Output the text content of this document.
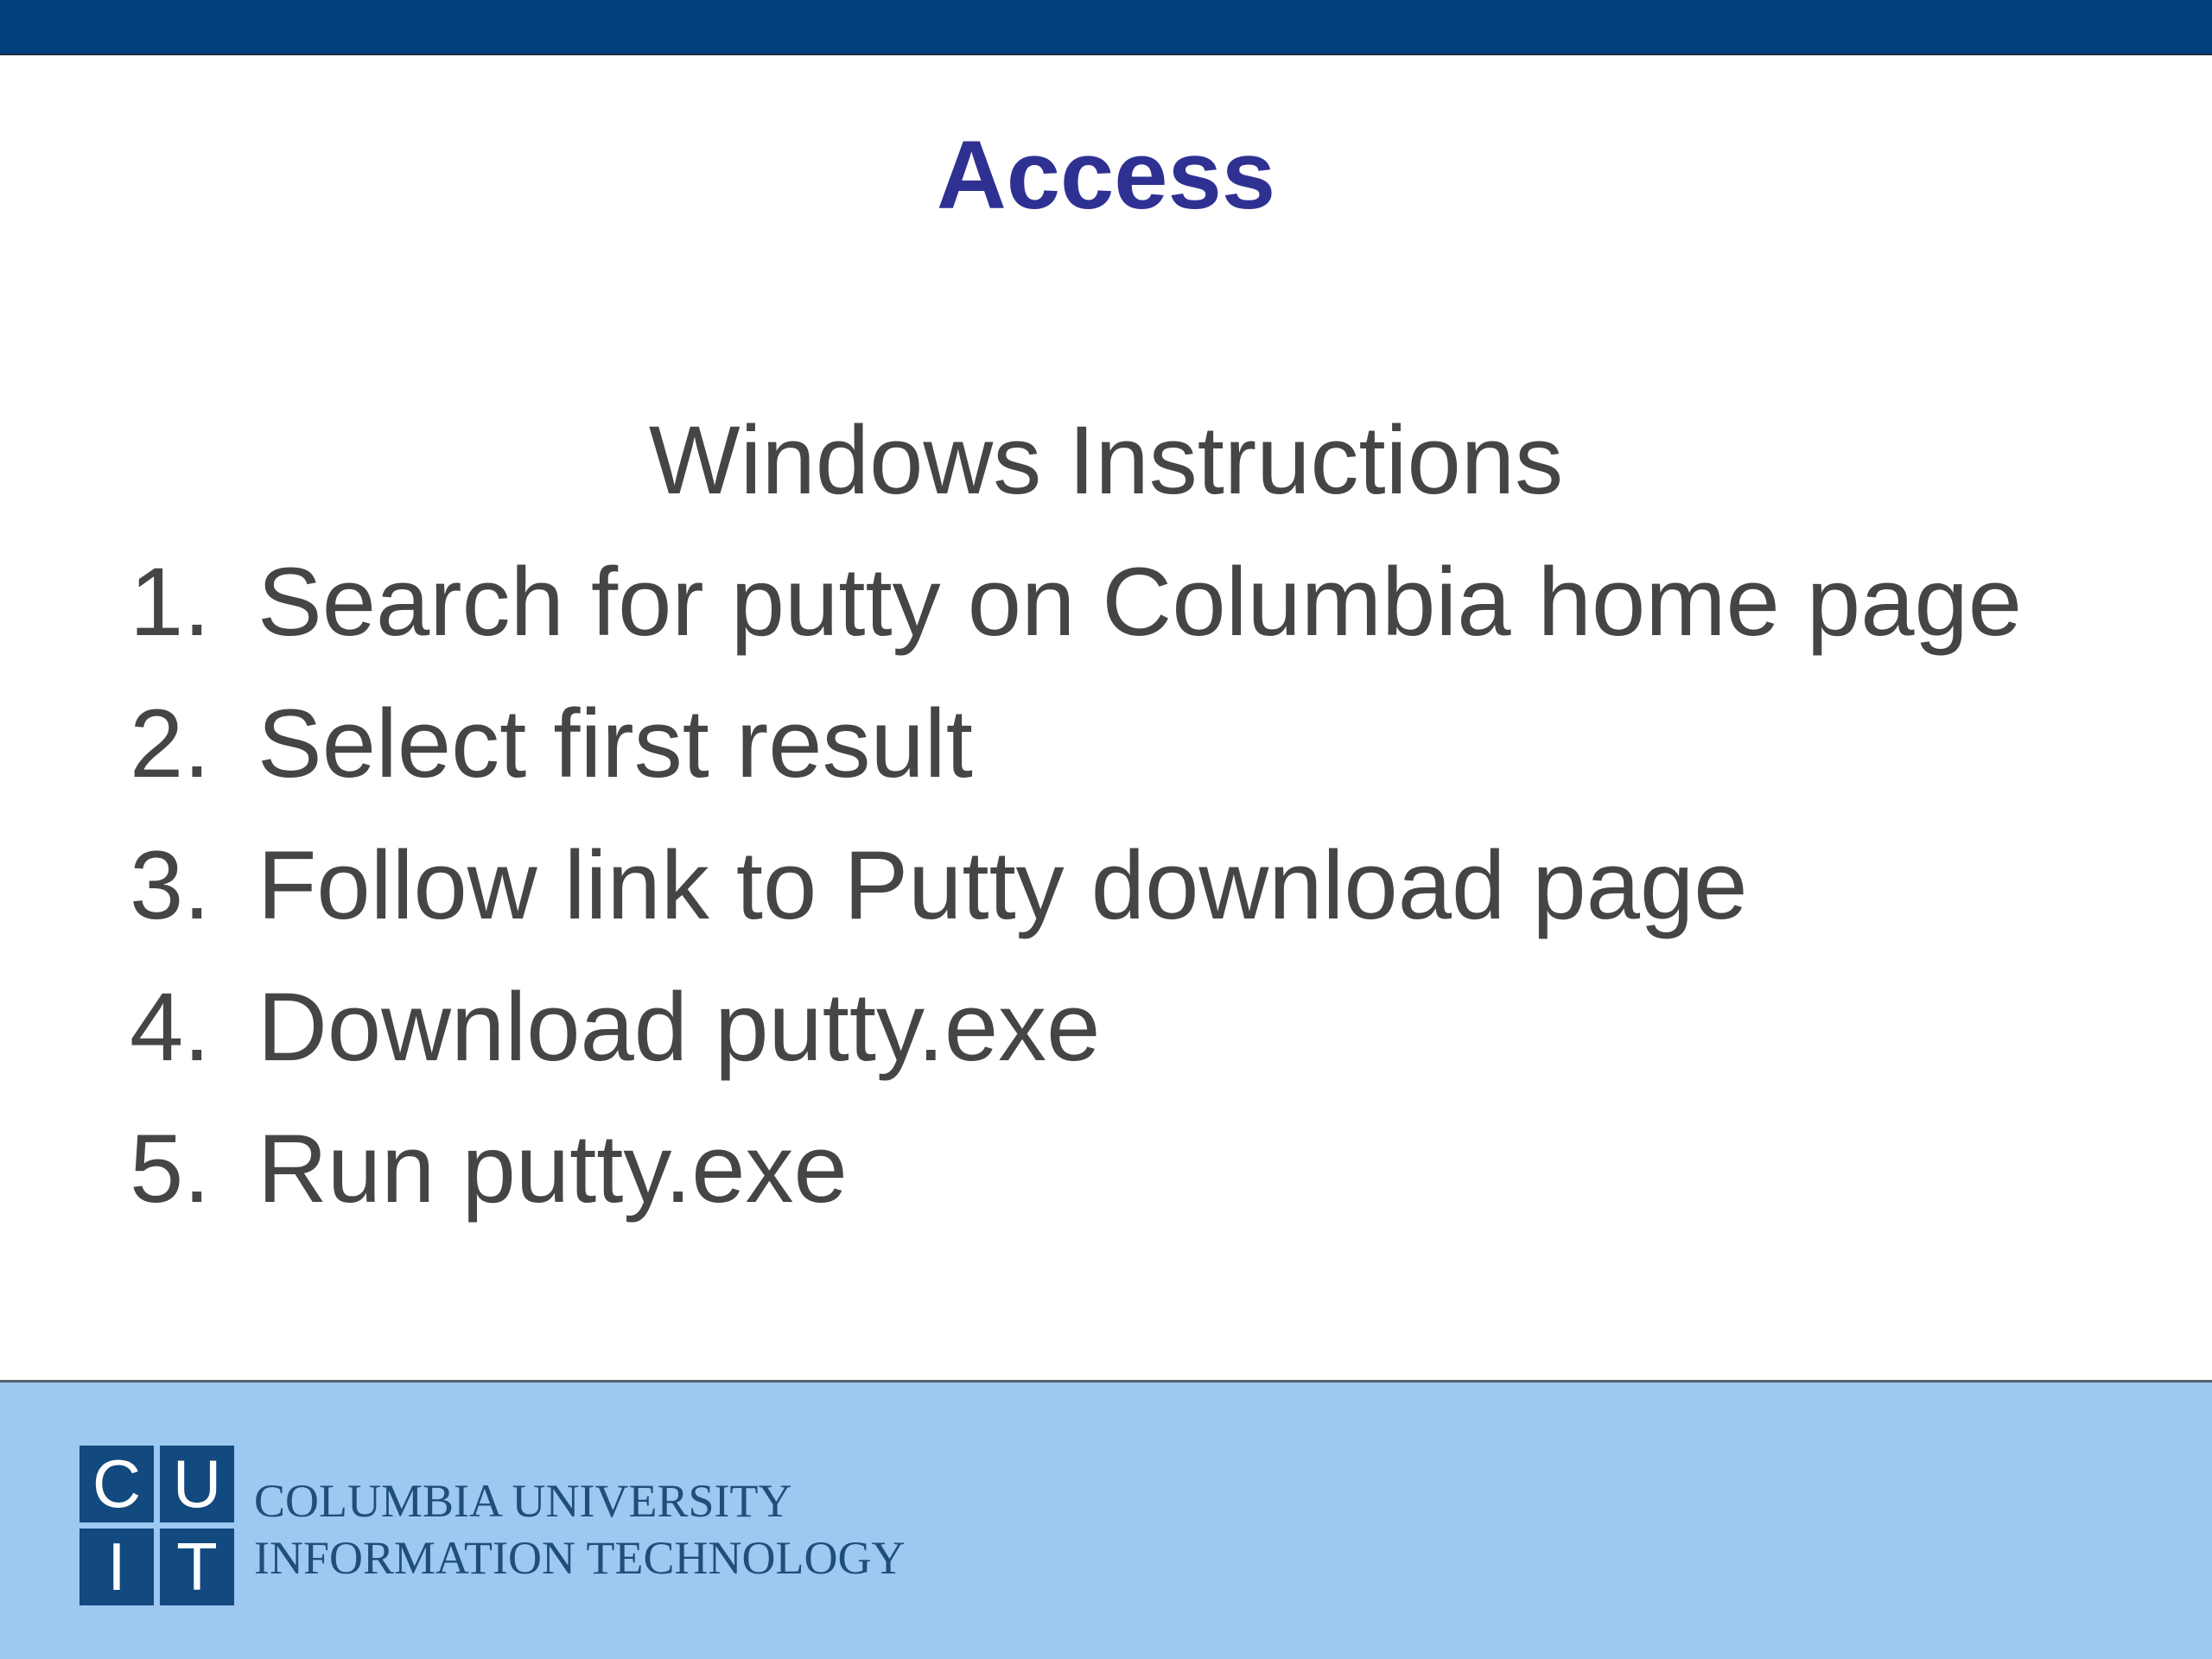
Access

Windows Instructions

1. Search for putty on Columbia home page
2. Select first result
3. Follow link to Putty download page
4. Download putty.exe
5. Run putty.exe
C U
I T
COLUMBIA UNIVERSITY
INFORMATION TECHNOLOGY
